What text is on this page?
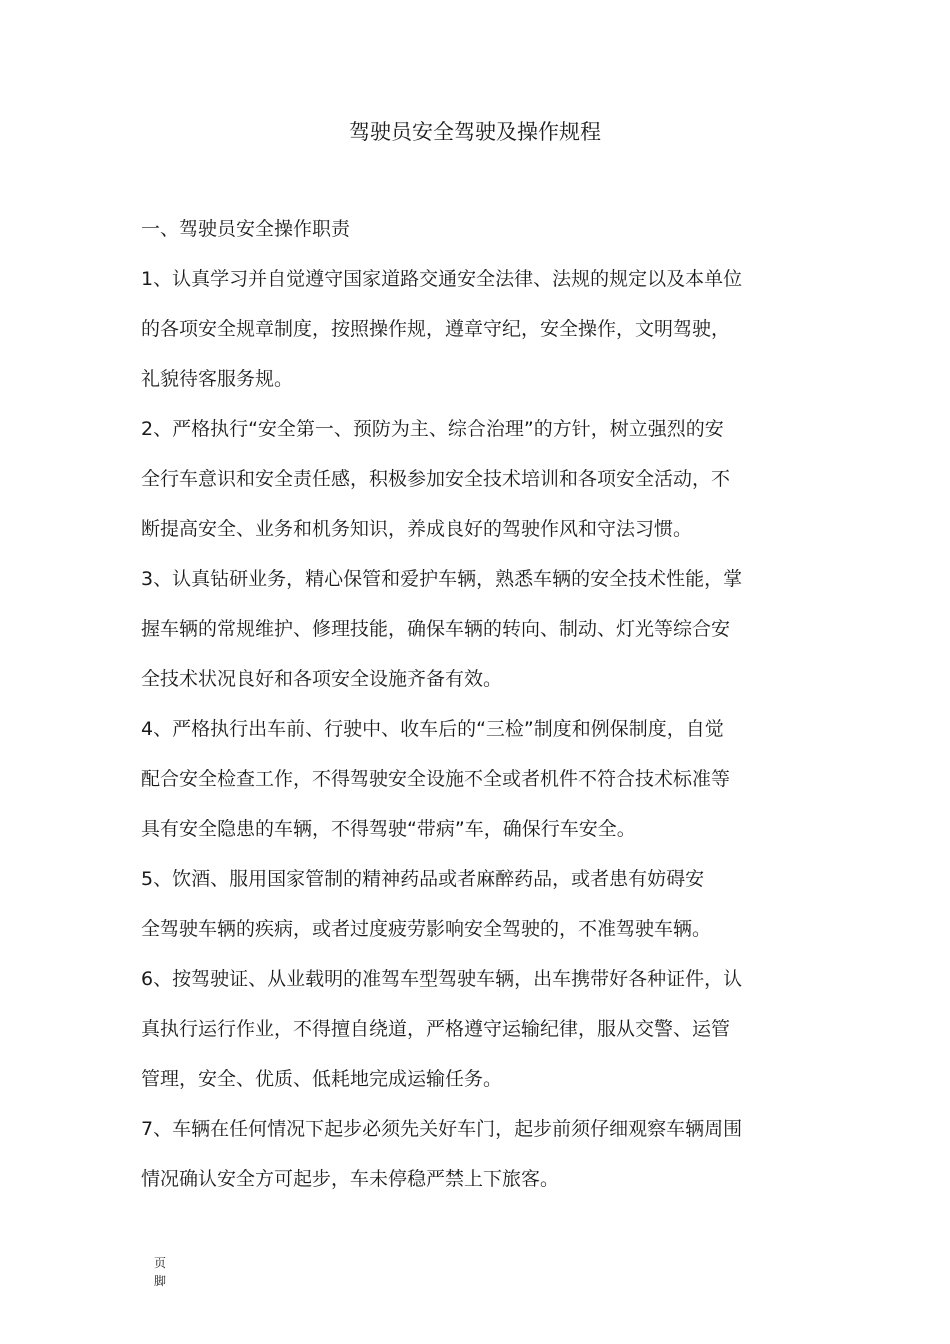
驾驶员安全驾驶及操作规程
一、驾驶员安全操作职责

1、认真学习并自觉遵守国家道路交通安全法律、法规的规定以及本单位
的各项安全规章制度，按照操作规，遵章守纪，安全操作，文明驾驶，
礼貌待客服务规。

2、严格执行“安全第一、预防为主、综合治理”的方针，树立强烈的安
全行车意识和安全责任感，积极参加安全技术培训和各项安全活动，不
断提高安全、业务和机务知识，养成良好的驾驶作风和守法习惯。

3、认真钻研业务，精心保管和爱护车辆，熟悉车辆的安全技术性能，掌
握车辆的常规维护、修理技能，确保车辆的转向、制动、灯光等综合安
全技术状况良好和各项安全设施齐备有效。

4、严格执行出车前、行驶中、收车后的“三检”制度和例保制度，自觉
配合安全检查工作，不得驾驶安全设施不全或者机件不符合技术标准等
具有安全隐患的车辆，不得驾驶“带病”车，确保行车安全。

5、饮酒、服用国家管制的精神药品或者麻醉药品，或者患有妨碍安
全驾驶车辆的疾病，或者过度疲劳影响安全驾驶的，不准驾驶车辆。

6、按驾驶证、从业载明的准驾车型驾驶车辆，出车携带好各种证件，认
真执行运行作业，不得擅自绕道，严格遵守运输纪律，服从交警、运管
管理，安全、优质、低耗地完成运输任务。

7、车辆在任何情况下起步必须先关好车门，起步前须仔细观察车辆周围
情况确认安全方可起步，车未停稳严禁上下旅客。

页
脚
